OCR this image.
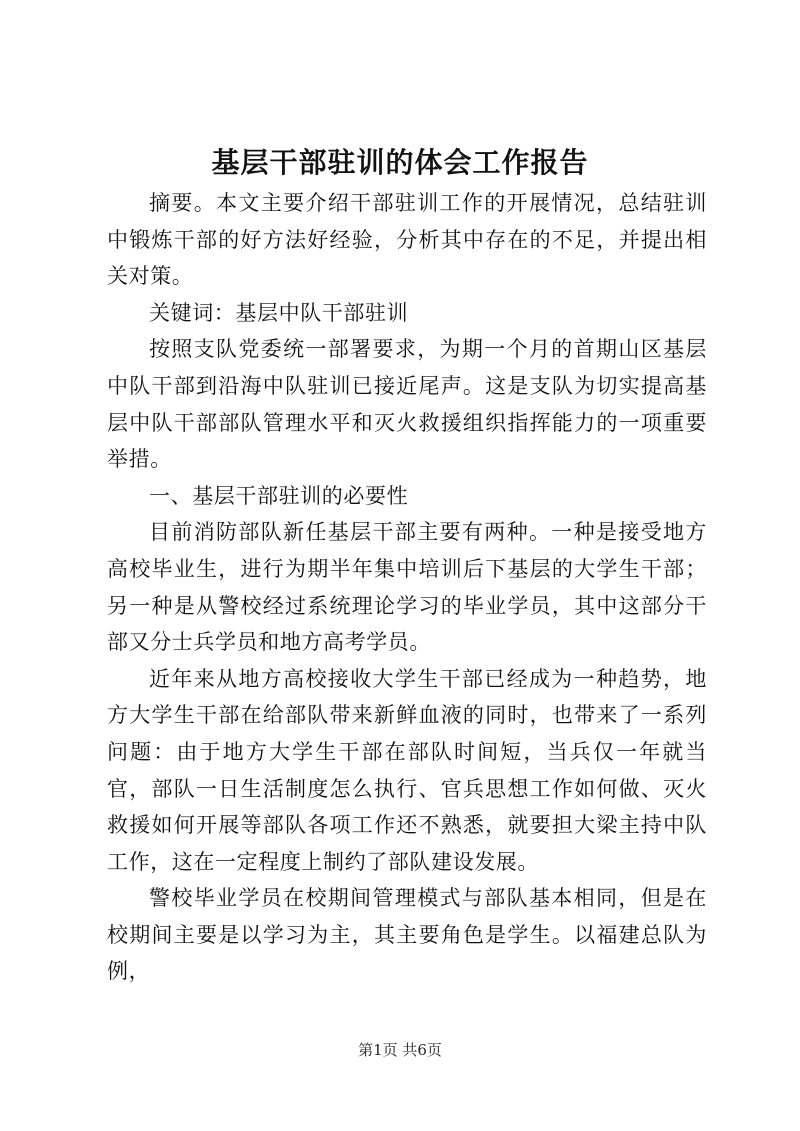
基层干部驻训的体会工作报告

摘要。本文主要介绍干部驻训工作的开展情况，总结驻训中锻炼干部的好方法好经验，分析其中存在的不足，并提出相关对策。

关键词：基层中队干部驻训

按照支队党委统一部署要求，为期一个月的首期山区基层中队干部到沿海中队驻训已接近尾声。这是支队为切实提高基层中队干部部队管理水平和灭火救援组织指挥能力的一项重要举措。

一、基层干部驻训的必要性

目前消防部队新任基层干部主要有两种。一种是接受地方高校毕业生，进行为期半年集中培训后下基层的大学生干部；另一种是从警校经过系统理论学习的毕业学员，其中这部分干部又分士兵学员和地方高考学员。

近年来从地方高校接收大学生干部已经成为一种趋势，地方大学生干部在给部队带来新鲜血液的同时，也带来了一系列问题：由于地方大学生干部在部队时间短，当兵仅一年就当官，部队一日生活制度怎么执行、官兵思想工作如何做、灭火救援如何开展等部队各项工作还不熟悉，就要担大梁主持中队工作，这在一定程度上制约了部队建设发展。

警校毕业学员在校期间管理模式与部队基本相同，但是在校期间主要是以学习为主，其主要角色是学生。以福建总队为例，

第1页 共6页
